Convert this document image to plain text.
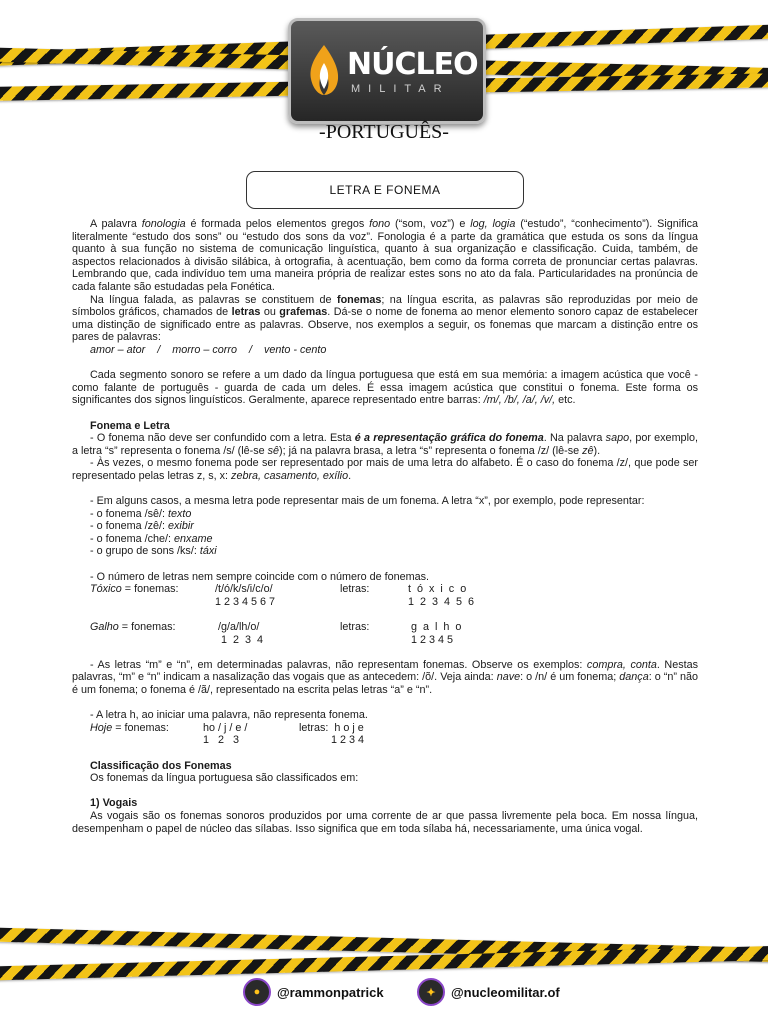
NÚCLEO
MILITAR
-PORTUGUÊS-
LETRA E FONEMA

A palavra fonologia é formada pelos elementos gregos fono (“som, voz”) e log, logia (“estudo”, “conhecimento”). Significa literalmente “estudo dos sons” ou “estudo dos sons da voz”. Fonologia é a parte da gramática que estuda os sons da língua quanto à sua função no sistema de comunicação linguística, quanto à sua organização e classificação. Cuida, também, de aspectos relacionados à divisão silábica, à ortografia, à acentuação, bem como da forma correta de pronunciar certas palavras. Lembrando que, cada indivíduo tem uma maneira própria de realizar estes sons no ato da fala. Particularidades na pronúncia de cada falante são estudadas pela Fonética.

Na língua falada, as palavras se constituem de fonemas; na língua escrita, as palavras são reproduzidas por meio de símbolos gráficos, chamados de letras ou grafemas. Dá-se o nome de fonema ao menor elemento sonoro capaz de estabelecer uma distinção de significado entre as palavras. Observe, nos exemplos a seguir, os fonemas que marcam a distinção entre os pares de palavras:

amor – ator    /    morro – corro    /    vento - cento

Cada segmento sonoro se refere a um dado da língua portuguesa que está em sua memória: a imagem acústica que você - como falante de português - guarda de cada um deles. É essa imagem acústica que constitui o fonema. Este forma os significantes dos signos linguísticos. Geralmente, aparece representado entre barras: /m/, /b/, /a/, /v/, etc.

Fonema e Letra

- O fonema não deve ser confundido com a letra. Esta é a representação gráfica do fonema. Na palavra sapo, por exemplo, a letra “s” representa o fonema /s/ (lê-se sê); já na palavra brasa, a letra “s” representa o fonema /z/ (lê-se zê).

- Às vezes, o mesmo fonema pode ser representado por mais de uma letra do alfabeto. É o caso do fonema /z/, que pode ser representado pelas letras z, s, x: zebra, casamento, exílio.

- Em alguns casos, a mesma letra pode representar mais de um fonema. A letra “x”, por exemplo, pode representar:

- o fonema /sê/: texto

- o fonema /zê/: exibir

- o fonema /che/: enxame

- o grupo de sons /ks/: táxi

- O número de letras nem sempre coincide com o número de fonemas.

Tóxico = fonemas:	/t/ó/k/s/i/c/o/	letras:	t  ó  x  i  c  o
1 2 3 4 5 6 7	1  2  3  4  5  6
Galho = fonemas:	/g/a/lh/o/	letras:	g  a  l  h  o
1  2  3  4	1 2 3 4 5

- As letras “m” e “n”, em determinadas palavras, não representam fonemas. Observe os exemplos: compra, conta. Nestas palavras, “m” e “n” indicam a nasalização das vogais que as antecedem: /õ/. Veja ainda: nave: o /n/ é um fonema; dança: o “n” não é um fonema; o fonema é /ã/, representado na escrita pelas letras “a” e “n”.

- A letra h, ao iniciar uma palavra, não representa fonema.

Hoje = fonemas:	ho / j / e /	letras:  h o j e
1   2   3	1 2 3 4

Classificação dos Fonemas

Os fonemas da língua portuguesa são classificados em:

1) Vogais

As vogais são os fonemas sonoros produzidos por uma corrente de ar que passa livremente pela boca. Em nossa língua, desempenham o papel de núcleo das sílabas. Isso significa que em toda sílaba há, necessariamente, uma única vogal.

●	@rammonpatrick	✦	@nucleomilitar.of
